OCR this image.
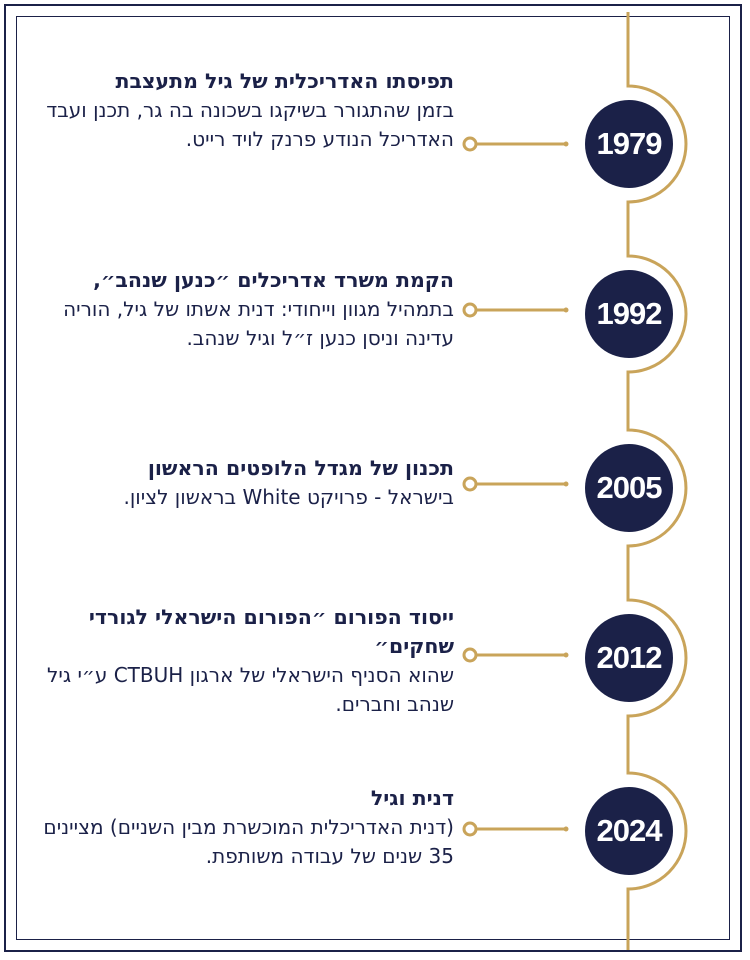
1979
1992
2005
2012
2024
תפיסתו האדריכלית של גיל מתעצבת
בזמן שהתגורר בשיקגו בשכונה בה גר, תכנן ועבד האדריכל הנודע פרנק לויד רייט.
הקמת משרד אדריכלים ״כנען שנהב״,
בתמהיל מגוון וייחודי: דנית אשתו של גיל, הוריה עדינה וניסן כנען ז״ל וגיל שנהב.
תכנון של מגדל הלופטים הראשון
בישראל - פרויקט White בראשון לציון.
ייסוד הפורום ״הפורום הישראלי לגורדי שחקים״
שהוא הסניף הישראלי של ארגון CTBUH ע״י גיל שנהב וחברים.
דנית וגיל
(דנית האדריכלית המוכשרת מבין השניים) מציינים 35 שנים של עבודה משותפת.
